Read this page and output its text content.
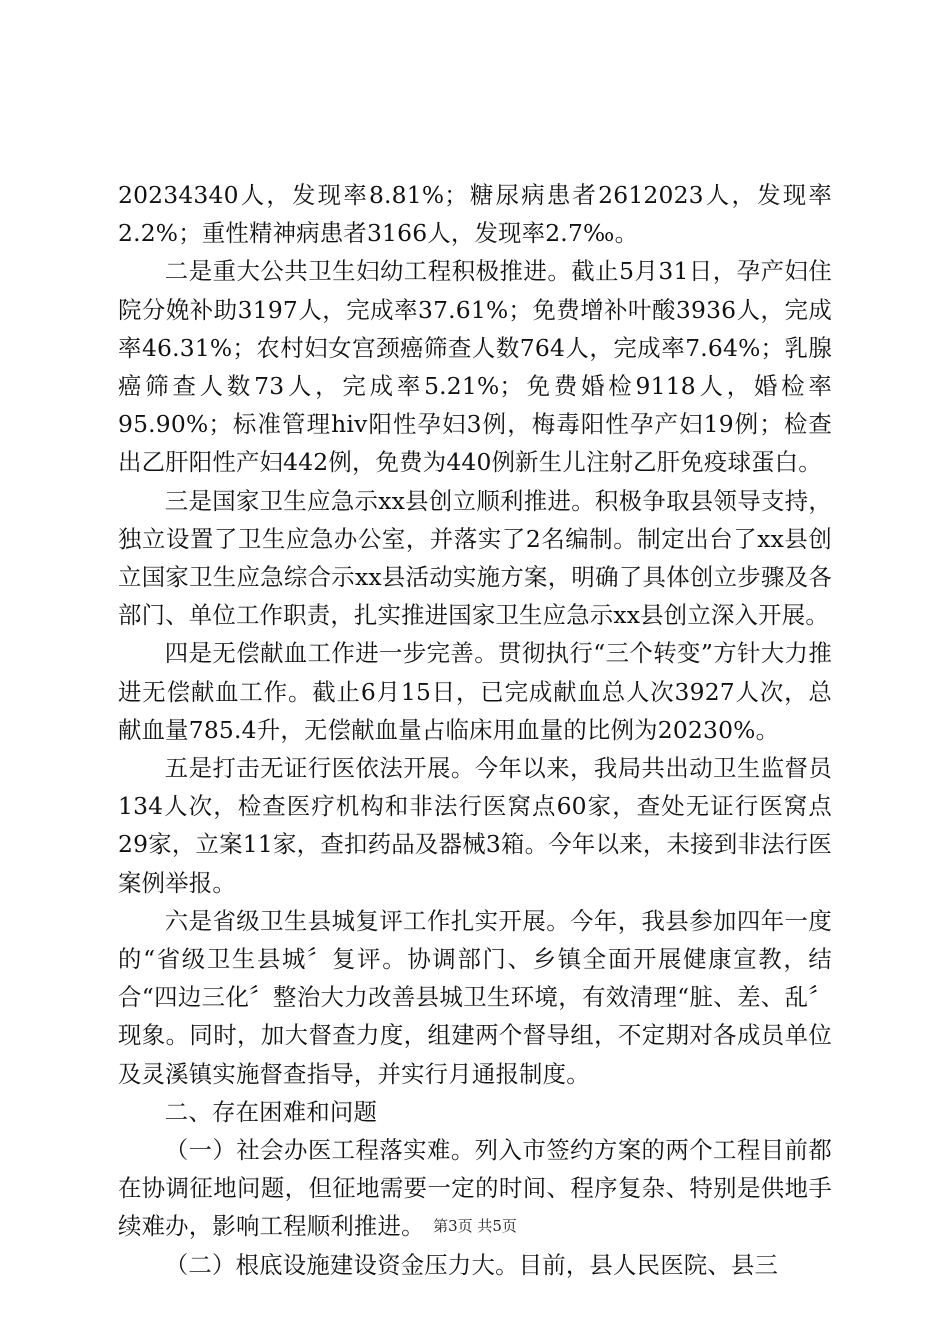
20234340人，发现率8.81%；糖尿病患者2612023人，发现率2.2%；重性精神病患者3166人，发现率2.7‰。

二是重大公共卫生妇幼工程积极推进。截止5月31日，孕产妇住院分娩补助3197人，完成率37.61%；免费增补叶酸3936人，完成率46.31%；农村妇女宫颈癌筛查人数764人，完成率7.64%；乳腺癌筛查人数73人，完成率5.21%；免费婚检9118人，婚检率95.90%；标准管理hiv阳性孕妇3例，梅毒阳性孕产妇19例；检查出乙肝阳性产妇442例，免费为440例新生儿注射乙肝免疫球蛋白。

三是国家卫生应急示xx县创立顺利推进。积极争取县领导支持，独立设置了卫生应急办公室，并落实了2名编制。制定出台了xx县创立国家卫生应急综合示xx县活动实施方案，明确了具体创立步骤及各部门、单位工作职责，扎实推进国家卫生应急示xx县创立深入开展。

四是无偿献血工作进一步完善。贯彻执行“三个转变”方针大力推进无偿献血工作。截止6月15日，已完成献血总人次3927人次，总献血量785.4升，无偿献血量占临床用血量的比例为20230%。

五是打击无证行医依法开展。今年以来，我局共出动卫生监督员134人次，检查医疗机构和非法行医窝点60家，查处无证行医窝点29家，立案11家，查扣药品及器械3箱。今年以来，未接到非法行医案例举报。

六是省级卫生县城复评工作扎实开展。今年，我县参加四年一度的“省级卫生县城〞复评。协调部门、乡镇全面开展健康宣教，结合“四边三化〞整治大力改善县城卫生环境，有效清理“脏、差、乱〞现象。同时，加大督查力度，组建两个督导组，不定期对各成员单位及灵溪镇实施督查指导，并实行月通报制度。

二、存在困难和问题

（一）社会办医工程落实难。列入市签约方案的两个工程目前都在协调征地问题，但征地需要一定的时间、程序复杂、特别是供地手续难办，影响工程顺利推进。

（二）根底设施建设资金压力大。目前，县人民医院、县三

第3页 共5页
